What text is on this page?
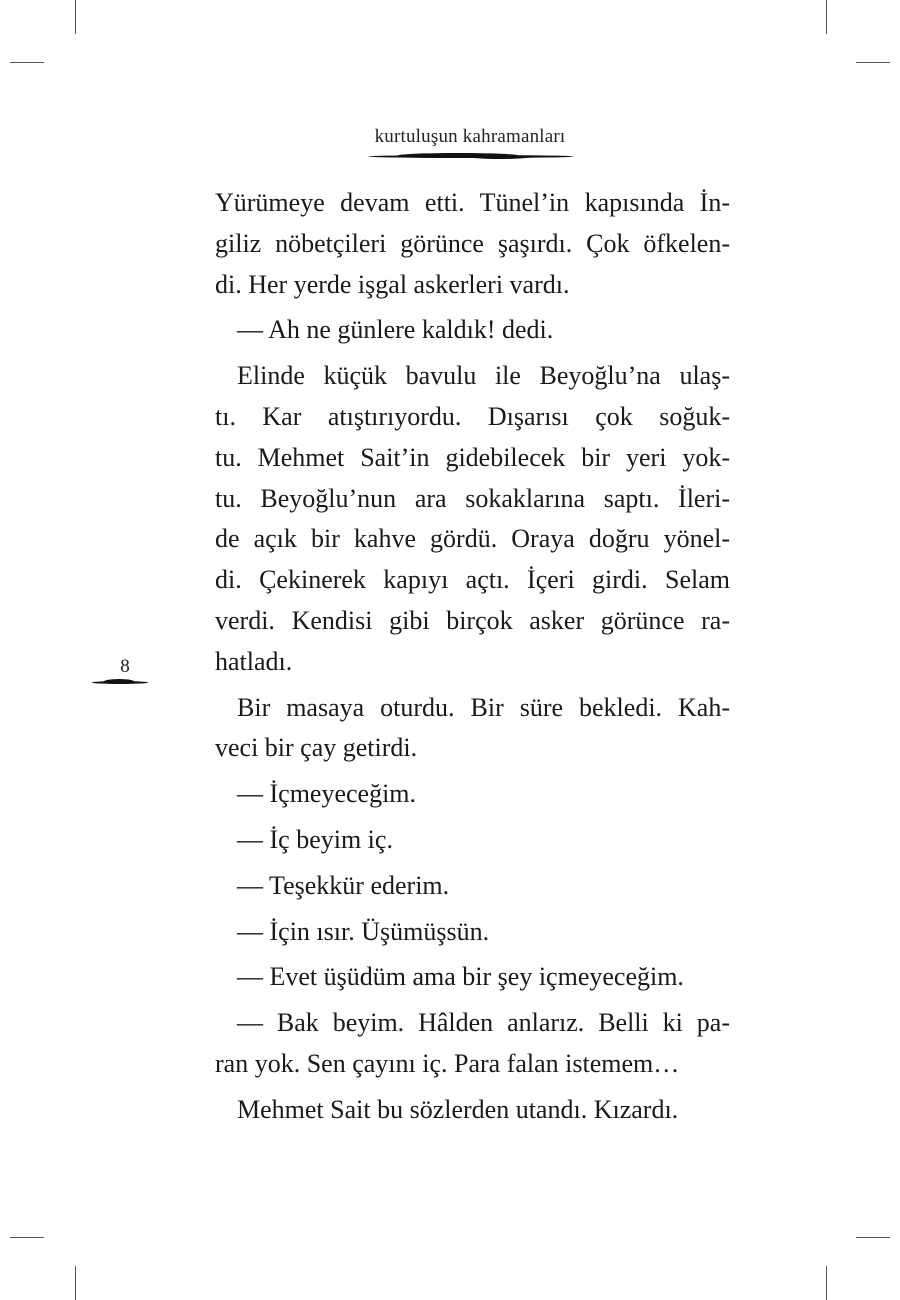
kurtuluşun kahramanları
8
Yürümeye devam etti. Tünel’in kapısında İn-
giliz nöbetçileri görünce şaşırdı. Çok öfkelen-
di. Her yerde işgal askerleri vardı.
— Ah ne günlere kaldık! dedi.
Elinde küçük bavulu ile Beyoğlu’na ulaş-
tı. Kar atıştırıyordu. Dışarısı çok soğuk-
tu. Mehmet Sait’in gidebilecek bir yeri yok-
tu. Beyoğlu’nun ara sokaklarına saptı. İleri-
de açık bir kahve gördü. Oraya doğru yönel-
di. Çekinerek kapıyı açtı. İçeri girdi. Selam
verdi. Kendisi gibi birçok asker görünce ra-
hatladı.
Bir masaya oturdu. Bir süre bekledi. Kah-
veci bir çay getirdi.
— İçmeyeceğim.
— İç beyim iç.
— Teşekkür ederim.
— İçin ısır. Üşümüşsün.
— Evet üşüdüm ama bir şey içmeyeceğim.
— Bak beyim. Hâlden anlarız. Belli ki pa-
ran yok. Sen çayını iç. Para falan istemem…
Mehmet Sait bu sözlerden utandı. Kızardı.
